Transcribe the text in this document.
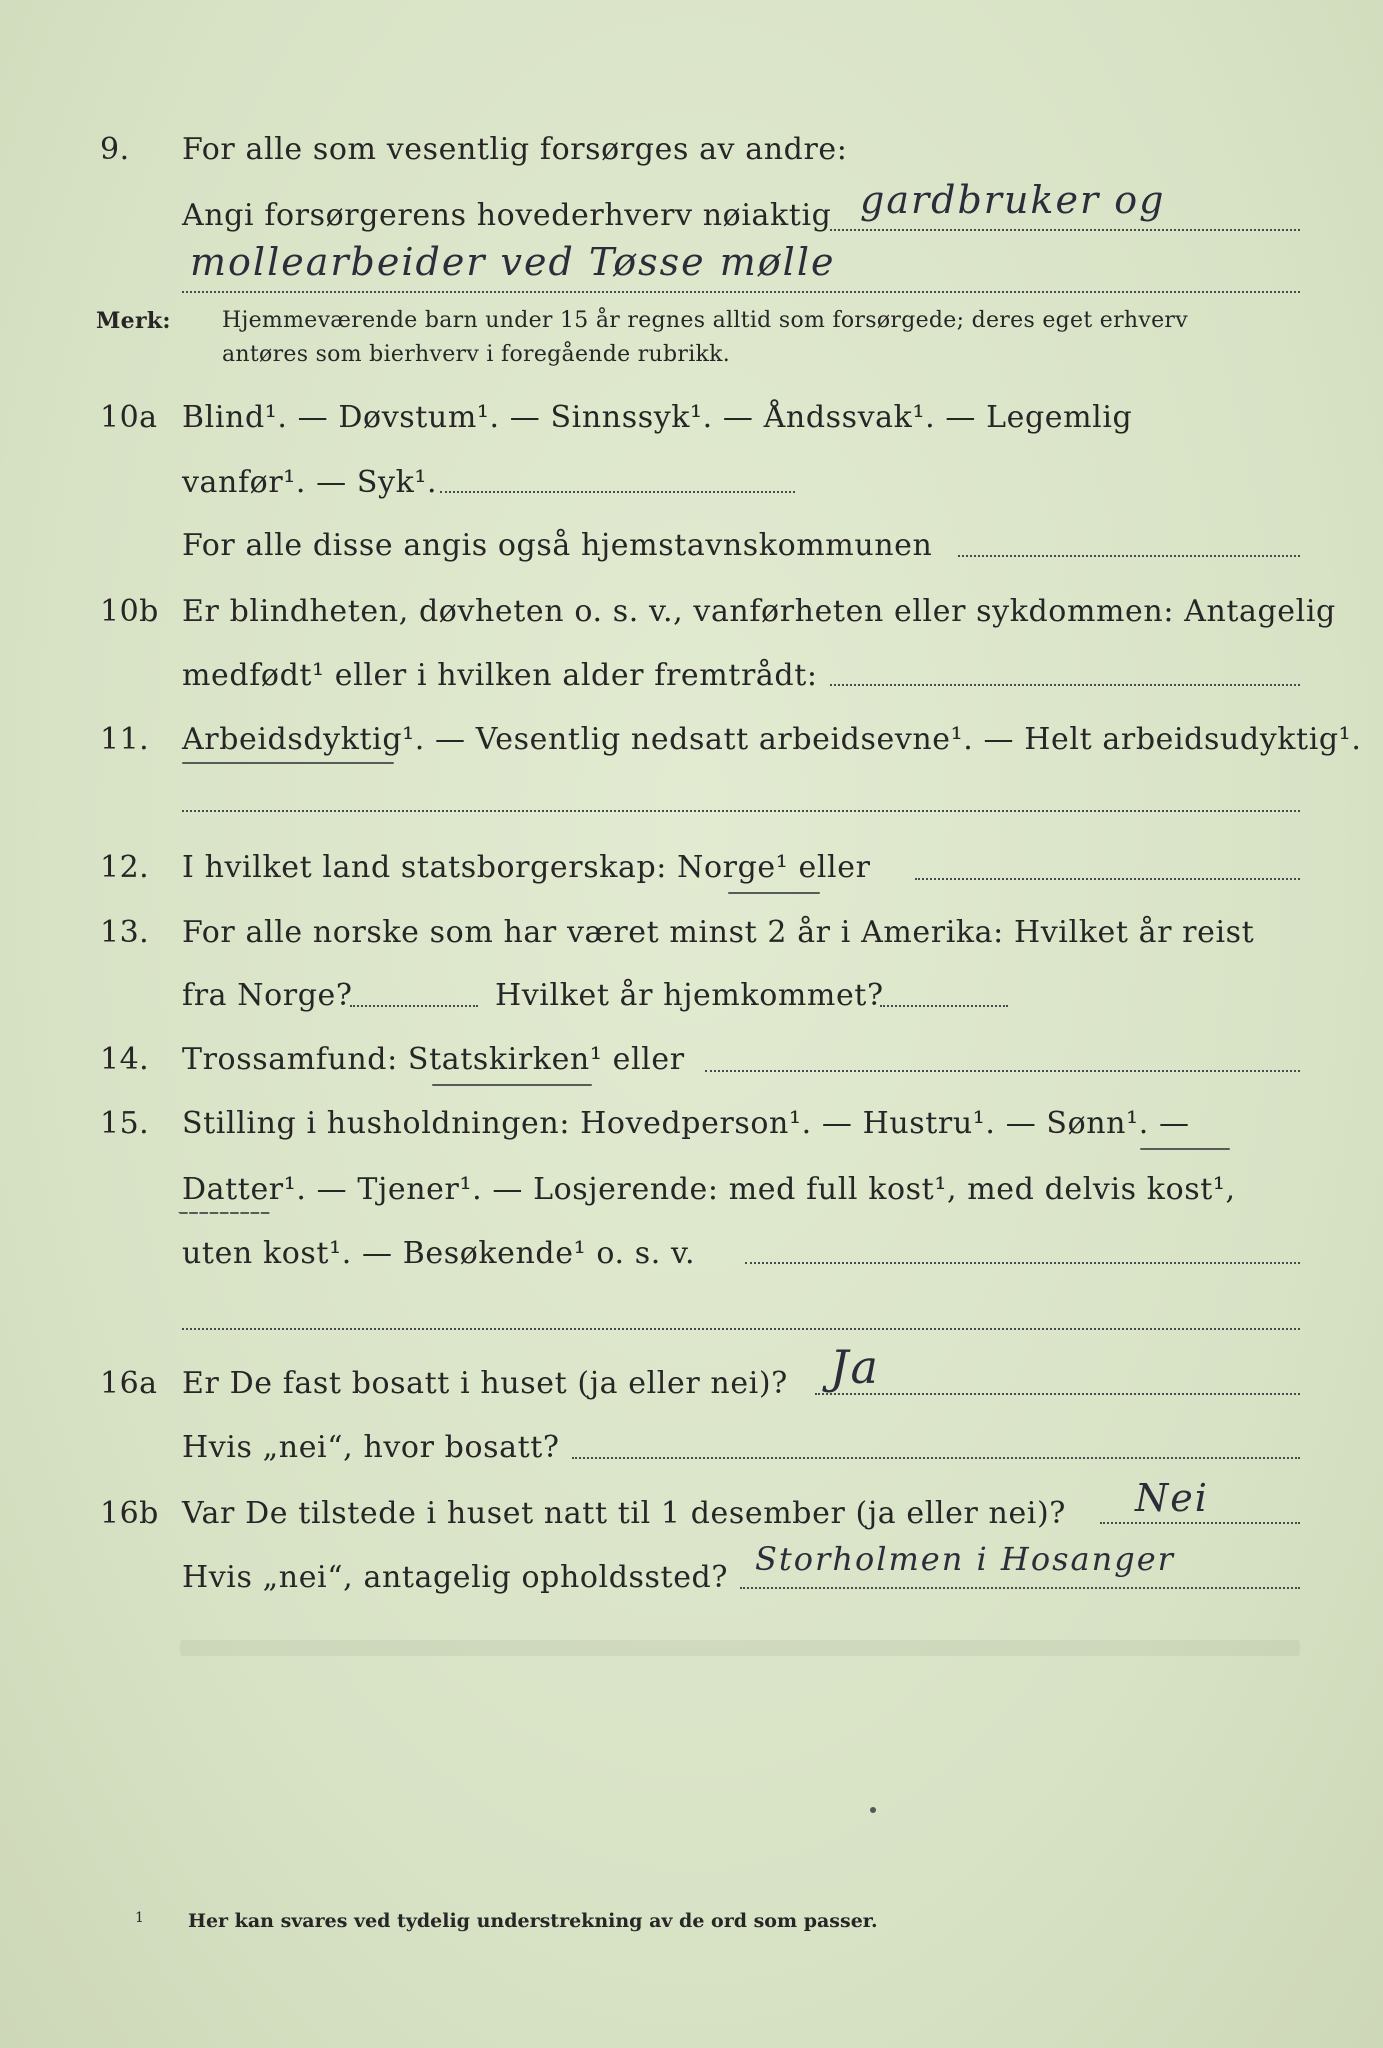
9. For alle som vesentlig forsørges av andre:
Angi forsørgerens hovederhverv nøiaktig gardbruker og
mollearbeider ved Tøsse mølle
Merk: Hjemmeværende barn under 15 år regnes alltid som forsørgede; deres eget erhverv
antøres som bierhverv i foregående rubrikk.
10a Blind¹. — Døvstum¹. — Sinnssyk¹. — Åndssvak¹. — Legemlig
vanfør¹. — Syk¹.
For alle disse angis også hjemstavnskommunen
10b Er blindheten, døvheten o. s. v., vanførheten eller sykdommen: Antagelig
medfødt¹ eller i hvilken alder fremtrådt:
11. Arbeidsdyktig¹. — Vesentlig nedsatt arbeidsevne¹. — Helt arbeidsudyktig¹.
12. I hvilket land statsborgerskap: Norge¹ eller
13. For alle norske som har været minst 2 år i Amerika: Hvilket år reist
fra Norge?	Hvilket år hjemkommet?
14. Trossamfund: Statskirken¹ eller
15. Stilling i husholdningen: Hovedperson¹. — Hustru¹. — Sønn¹. —
Datter¹. — Tjener¹. — Losjerende: med full kost¹, med delvis kost¹,
uten kost¹. — Besøkende¹ o. s. v.
16a Er De fast bosatt i huset (ja eller nei)? Ja
Hvis „nei“, hvor bosatt?
16b Var De tilstede i huset natt til 1 desember (ja eller nei)? Nei
Hvis „nei“, antagelig opholdssted? Storholmen i Hosanger
1 Her kan svares ved tydelig understrekning av de ord som passer.
